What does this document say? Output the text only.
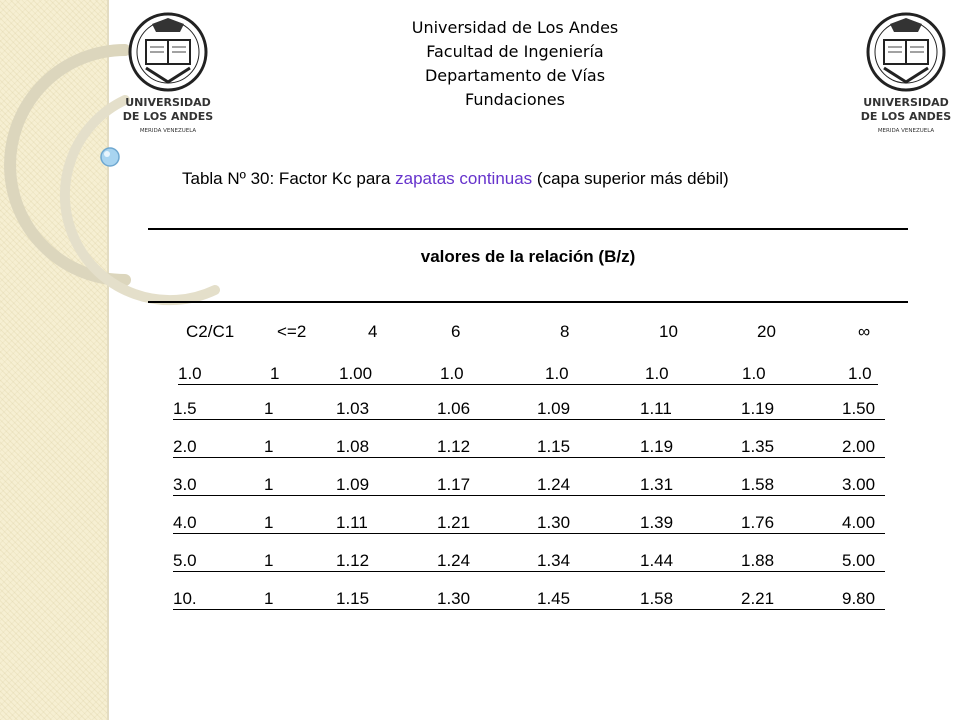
UNIVERSIDAD
DE LOS ANDES
MERIDA VENEZUELA
UNIVERSIDAD
DE LOS ANDES
MERIDA VENEZUELA
Universidad de Los Andes
Facultad de Ingeniería
Departamento de Vías
Fundaciones
Tabla Nº 30: Factor Kc para zapatas continuas (capa superior más débil)
valores de la relación (B/z)
C2/C1	<=2	4	6	8	10	20	∞
1.0	1	1.00	1.0	1.0	1.0	1.0	1.0
1.5	1	1.03	1.06	1.09	1.11	1.19	1.50
2.0	1	1.08	1.12	1.15	1.19	1.35	2.00
3.0	1	1.09	1.17	1.24	1.31	1.58	3.00
4.0	1	1.11	1.21	1.30	1.39	1.76	4.00
5.0	1	1.12	1.24	1.34	1.44	1.88	5.00
10.	1	1.15	1.30	1.45	1.58	2.21	9.80
